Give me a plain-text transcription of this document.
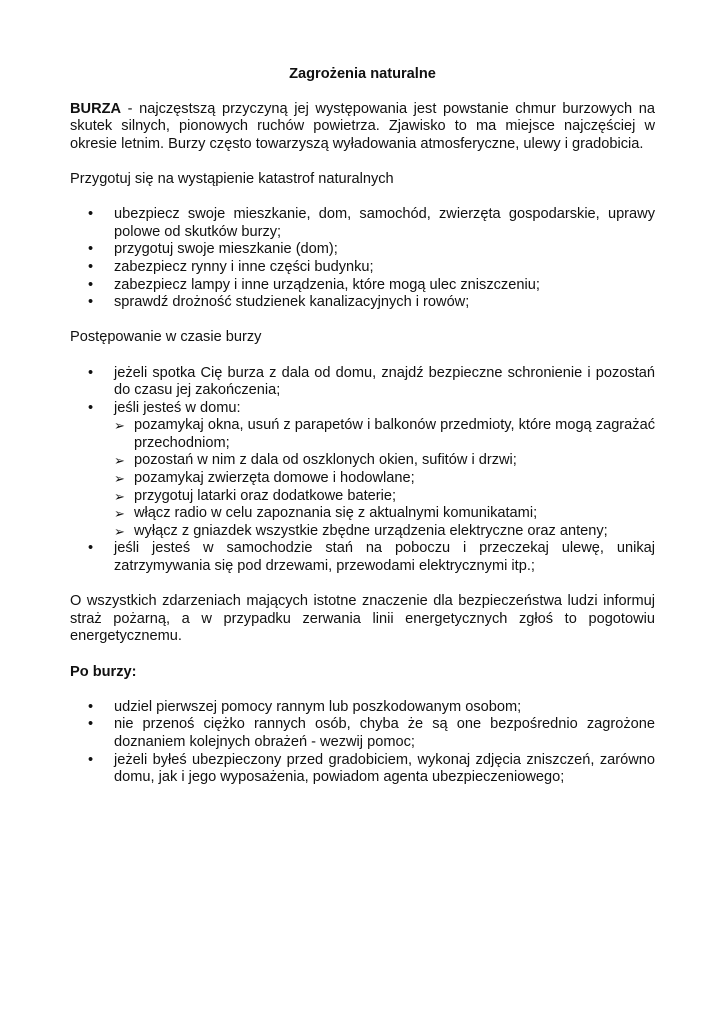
Zagrożenia naturalne

BURZA - najczęstszą przyczyną jej występowania jest powstanie chmur burzowych na skutek silnych, pionowych ruchów powietrza. Zjawisko to ma miejsce najczęściej w okresie letnim. Burzy często towarzyszą wyładowania atmosferyczne, ulewy i gradobicia.

Przygotuj się na wystąpienie katastrof naturalnych

• ubezpiecz swoje mieszkanie, dom, samochód, zwierzęta gospodarskie, uprawy polowe od skutków burzy;
• przygotuj swoje mieszkanie (dom);
• zabezpiecz rynny i inne części budynku;
• zabezpiecz lampy i inne urządzenia, które mogą ulec zniszczeniu;
• sprawdź drożność studzienek kanalizacyjnych i rowów;

Postępowanie w czasie burzy

• jeżeli spotka Cię burza z dala od domu, znajdź bezpieczne schronienie i pozostań do czasu jej zakończenia;
• jeśli jesteś w domu:
➢ pozamykaj okna, usuń z parapetów i balkonów przedmioty, które mogą zagrażać przechodniom;
➢ pozostań w nim z dala od oszklonych okien, sufitów i drzwi;
➢ pozamykaj zwierzęta domowe i hodowlane;
➢ przygotuj latarki oraz dodatkowe baterie;
➢ włącz radio w celu zapoznania się z aktualnymi komunikatami;
➢ wyłącz z gniazdek wszystkie zbędne urządzenia elektryczne oraz anteny;
• jeśli jesteś w samochodzie stań na poboczu i przeczekaj ulewę, unikaj zatrzymywania się pod drzewami, przewodami elektrycznymi itp.;

O wszystkich zdarzeniach mających istotne znaczenie dla bezpieczeństwa ludzi informuj straż pożarną, a w przypadku zerwania linii energetycznych zgłoś to pogotowiu energetycznemu.

Po burzy:

• udziel pierwszej pomocy rannym lub poszkodowanym osobom;
• nie przenoś ciężko rannych osób, chyba że są one bezpośrednio zagrożone doznaniem kolejnych obrażeń - wezwij pomoc;
• jeżeli byłeś ubezpieczony przed gradobiciem, wykonaj zdjęcia zniszczeń, zarówno domu, jak i jego wyposażenia, powiadom agenta ubezpieczeniowego;
